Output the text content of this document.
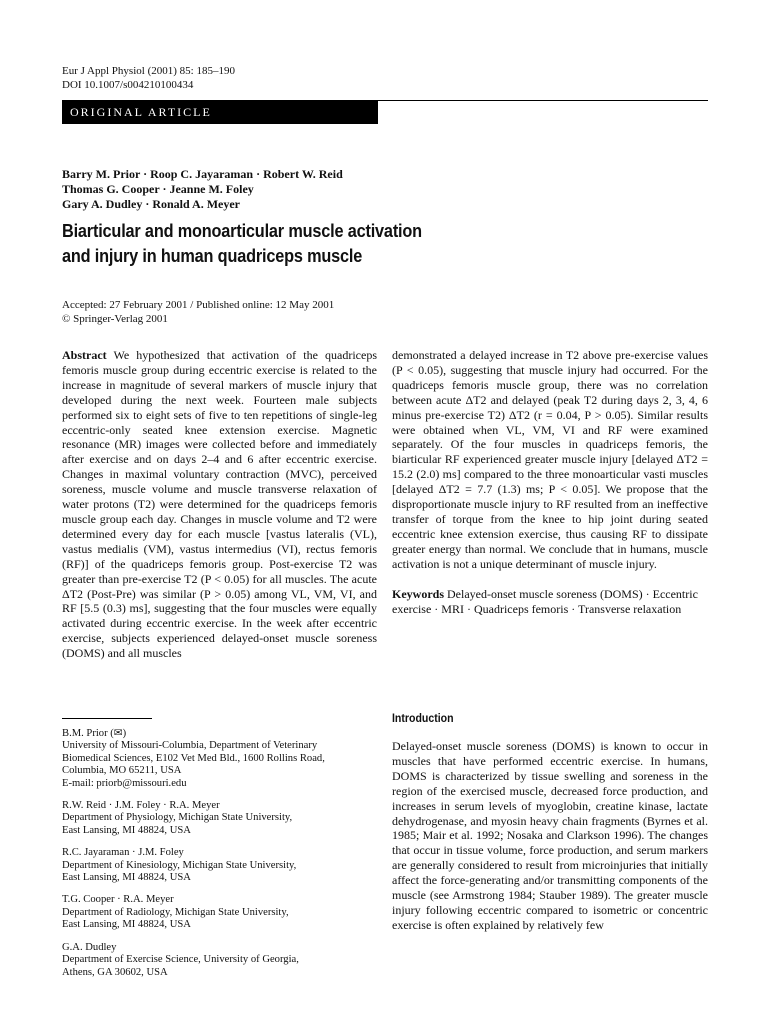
Eur J Appl Physiol (2001) 85: 185–190
DOI 10.1007/s004210100434
ORIGINAL ARTICLE
Barry M. Prior · Roop C. Jayaraman · Robert W. Reid
Thomas G. Cooper · Jeanne M. Foley
Gary A. Dudley · Ronald A. Meyer
Biarticular and monoarticular muscle activation
and injury in human quadriceps muscle
Accepted: 27 February 2001 / Published online: 12 May 2001
© Springer-Verlag 2001
Abstract We hypothesized that activation of the quadriceps femoris muscle group during eccentric exercise is related to the increase in magnitude of several markers of muscle injury that developed during the next week. Fourteen male subjects performed six to eight sets of five to ten repetitions of single-leg eccentric-only seated knee extension exercise. Magnetic resonance (MR) images were collected before and immediately after exercise and on days 2–4 and 6 after eccentric exercise. Changes in maximal voluntary contraction (MVC), perceived soreness, muscle volume and muscle transverse relaxation of water protons (T2) were determined for the quadriceps femoris muscle group each day. Changes in muscle volume and T2 were determined every day for each muscle [vastus lateralis (VL), vastus medialis (VM), vastus intermedius (VI), rectus femoris (RF)] of the quadriceps femoris group. Post-exercise T2 was greater than pre-exercise T2 (P < 0.05) for all muscles. The acute ΔT2 (Post-Pre) was similar (P > 0.05) among VL, VM, VI, and RF [5.5 (0.3) ms], suggesting that the four muscles were equally activated during eccentric exercise. In the week after eccentric exercise, subjects experienced delayed-onset muscle soreness (DOMS) and all muscles
demonstrated a delayed increase in T2 above pre-exercise values (P < 0.05), suggesting that muscle injury had occurred. For the quadriceps femoris muscle group, there was no correlation between acute ΔT2 and delayed (peak T2 during days 2, 3, 4, 6 minus pre-exercise T2) ΔT2 (r = 0.04, P > 0.05). Similar results were obtained when VL, VM, VI and RF were examined separately. Of the four muscles in quadriceps femoris, the biarticular RF experienced greater muscle injury [delayed ΔT2 = 15.2 (2.0) ms] compared to the three monoarticular vasti muscles [delayed ΔT2 = 7.7 (1.3) ms; P < 0.05]. We propose that the disproportionate muscle injury to RF resulted from an ineffective transfer of torque from the knee to hip joint during seated eccentric knee extension exercise, thus causing RF to dissipate greater energy than normal. We conclude that in humans, muscle activation is not a unique determinant of muscle injury.
Keywords Delayed-onset muscle soreness (DOMS) · Eccentric exercise · MRI · Quadriceps femoris · Transverse relaxation

B.M. Prior (✉)
University of Missouri-Columbia, Department of Veterinary
Biomedical Sciences, E102 Vet Med Bld., 1600 Rollins Road,
Columbia, MO 65211, USA
E-mail: priorb@missouri.edu

R.W. Reid · J.M. Foley · R.A. Meyer
Department of Physiology, Michigan State University,
East Lansing, MI 48824, USA

R.C. Jayaraman · J.M. Foley
Department of Kinesiology, Michigan State University,
East Lansing, MI 48824, USA

T.G. Cooper · R.A. Meyer
Department of Radiology, Michigan State University,
East Lansing, MI 48824, USA

G.A. Dudley
Department of Exercise Science, University of Georgia,
Athens, GA 30602, USA

Introduction
Delayed-onset muscle soreness (DOMS) is known to occur in muscles that have performed eccentric exercise. In humans, DOMS is characterized by tissue swelling and soreness in the region of the exercised muscle, decreased force production, and increases in serum levels of myoglobin, creatine kinase, lactate dehydrogenase, and myosin heavy chain fragments (Byrnes et al. 1985; Mair et al. 1992; Nosaka and Clarkson 1996). The changes that occur in tissue volume, force production, and serum markers are generally considered to result from microinjuries that initially affect the force-generating and/or transmitting components of the muscle (see Armstrong 1984; Stauber 1989). The greater muscle injury following eccentric compared to isometric or concentric exercise is often explained by relatively few
